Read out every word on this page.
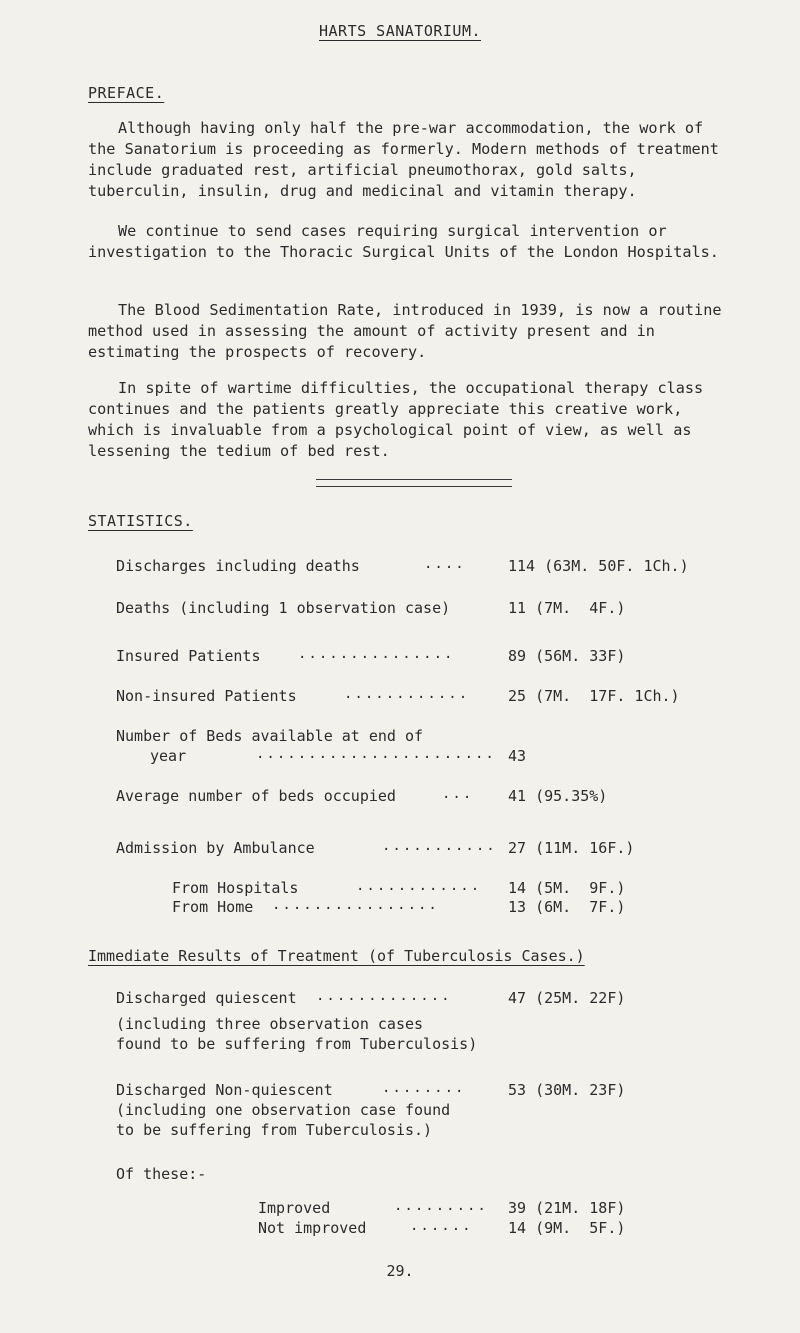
HARTS SANATORIUM.
PREFACE.

Although having only half the pre-war accommodation, the work of the Sanatorium is proceeding as formerly. Modern methods of treatment include graduated rest, artificial pneumothorax, gold salts, tuberculin, insulin, drug and medicinal and vitamin therapy.

We continue to send cases requiring surgical intervention or investigation to the Thoracic Surgical Units of the London Hospitals.

The Blood Sedimentation Rate, introduced in 1939, is now a routine method used in assessing the amount of activity present and in estimating the prospects of recovery.

In spite of wartime difficulties, the occupational therapy class continues and the patients greatly appreciate this creative work, which is invaluable from a psychological point of view, as well as lessening the tedium of bed rest.

STATISTICS.
Discharges including deaths	....	114 (63M. 50F. 1Ch.)
Deaths (including 1 observation case)	11 (7M.  4F.)
Insured Patients	...............	89 (56M. 33F)
Non-insured Patients	............	25 (7M.  17F. 1Ch.)
Number of Beds available at end of
year	....................... 43
Average number of beds occupied	... 41 (95.35%)
Admission by Ambulance	........... 27 (11M. 16F.)
From Hospitals	............ 14 (5M.  9F.)
From Home ................	13 (6M.  7F.)
Immediate Results of Treatment (of Tuberculosis Cases.)
Discharged quiescent .............	47 (25M. 22F)
(including three observation cases
found to be suffering from Tuberculosis)
Discharged Non-quiescent	........	53 (30M. 23F)
(including one observation case found
to be suffering from Tuberculosis.)
Of these:-
Improved	......... 39 (21M. 18F)
Not improved	...... 14 (9M.  5F.)
29.
